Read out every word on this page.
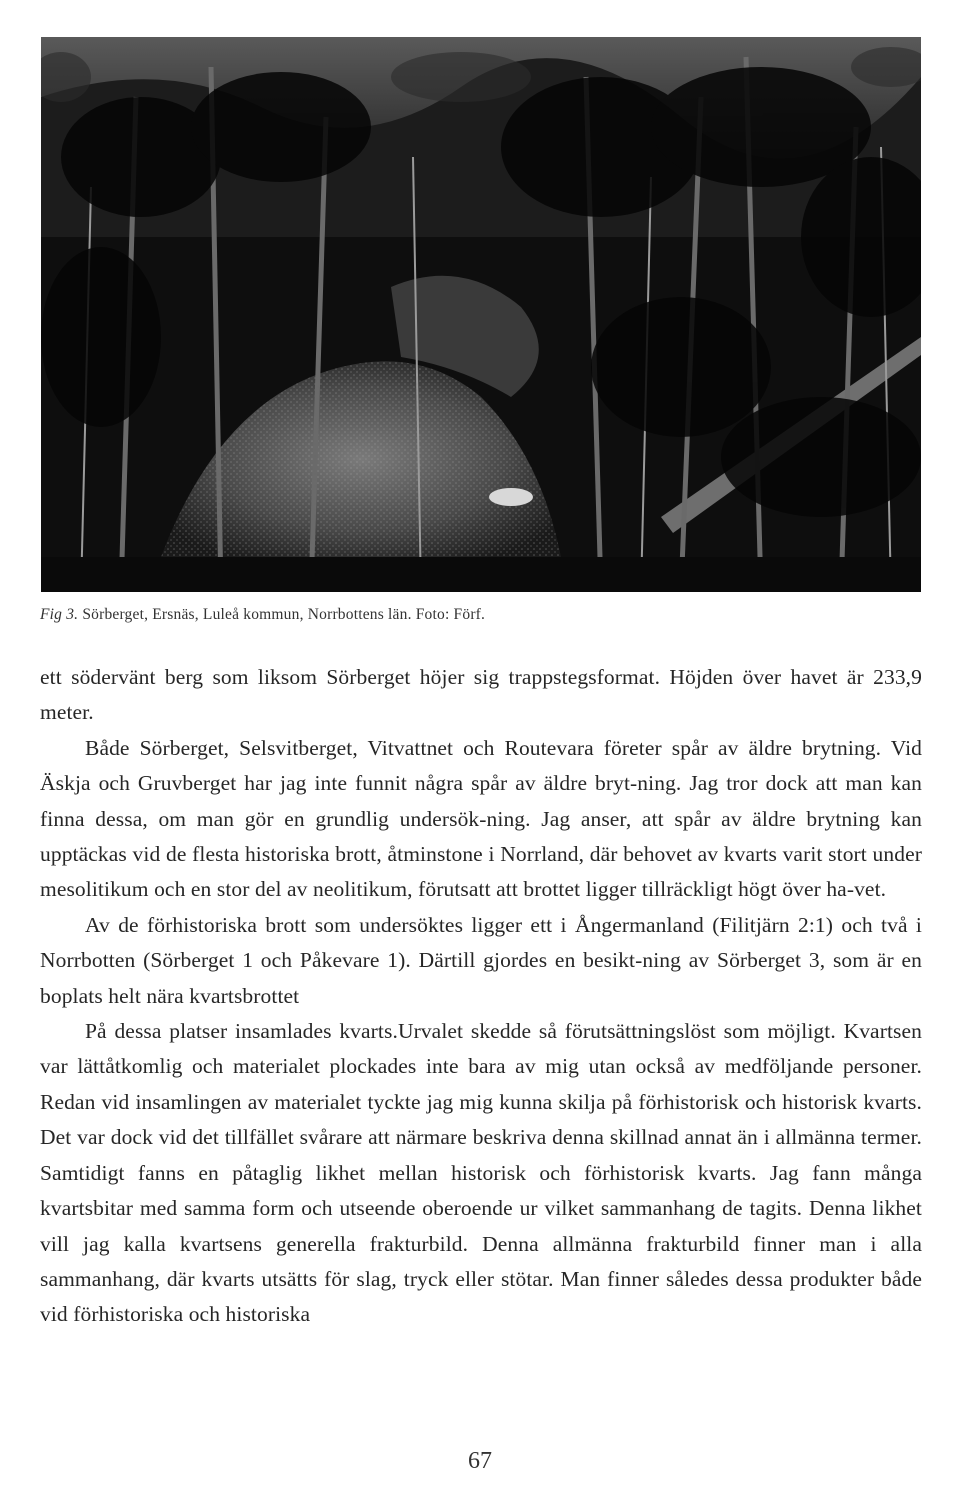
Fig 3. Sörberget, Ersnäs, Luleå kommun, Norrbottens län. Foto: Förf.

ett södervänt berg som liksom Sörberget höjer sig trappstegsformat. Höjden över havet är 233,9 meter.

Både Sörberget, Selsvitberget, Vitvattnet och Routevara företer spår av äldre brytning. Vid Äskja och Gruvberget har jag inte funnit några spår av äldre bryt-ning. Jag tror dock att man kan finna dessa, om man gör en grundlig undersök-ning. Jag anser, att spår av äldre brytning kan upptäckas vid de flesta historiska brott, åtminstone i Norrland, där behovet av kvarts varit stort under mesolitikum och en stor del av neolitikum, förutsatt att brottet ligger tillräckligt högt över ha-vet.

Av de förhistoriska brott som undersöktes ligger ett i Ångermanland (Filitjärn 2:1) och två i Norrbotten (Sörberget 1 och Påkevare 1). Därtill gjordes en besikt-ning av Sörberget 3, som är en boplats helt nära kvartsbrottet

På dessa platser insamlades kvarts.Urvalet skedde så förutsättningslöst som möjligt. Kvartsen var lättåtkomlig och materialet plockades inte bara av mig utan också av medföljande personer. Redan vid insamlingen av materialet tyckte jag mig kunna skilja på förhistorisk och historisk kvarts. Det var dock vid det tillfället svårare att närmare beskriva denna skillnad annat än i allmänna termer. Samtidigt fanns en påtaglig likhet mellan historisk och förhistorisk kvarts. Jag fann många kvartsbitar med samma form och utseende oberoende ur vilket sammanhang de tagits. Denna likhet vill jag kalla kvartsens generella frakturbild. Denna allmänna frakturbild finner man i alla sammanhang, där kvarts utsätts för slag, tryck eller stötar. Man finner således dessa produkter både vid förhistoriska och historiska

67
